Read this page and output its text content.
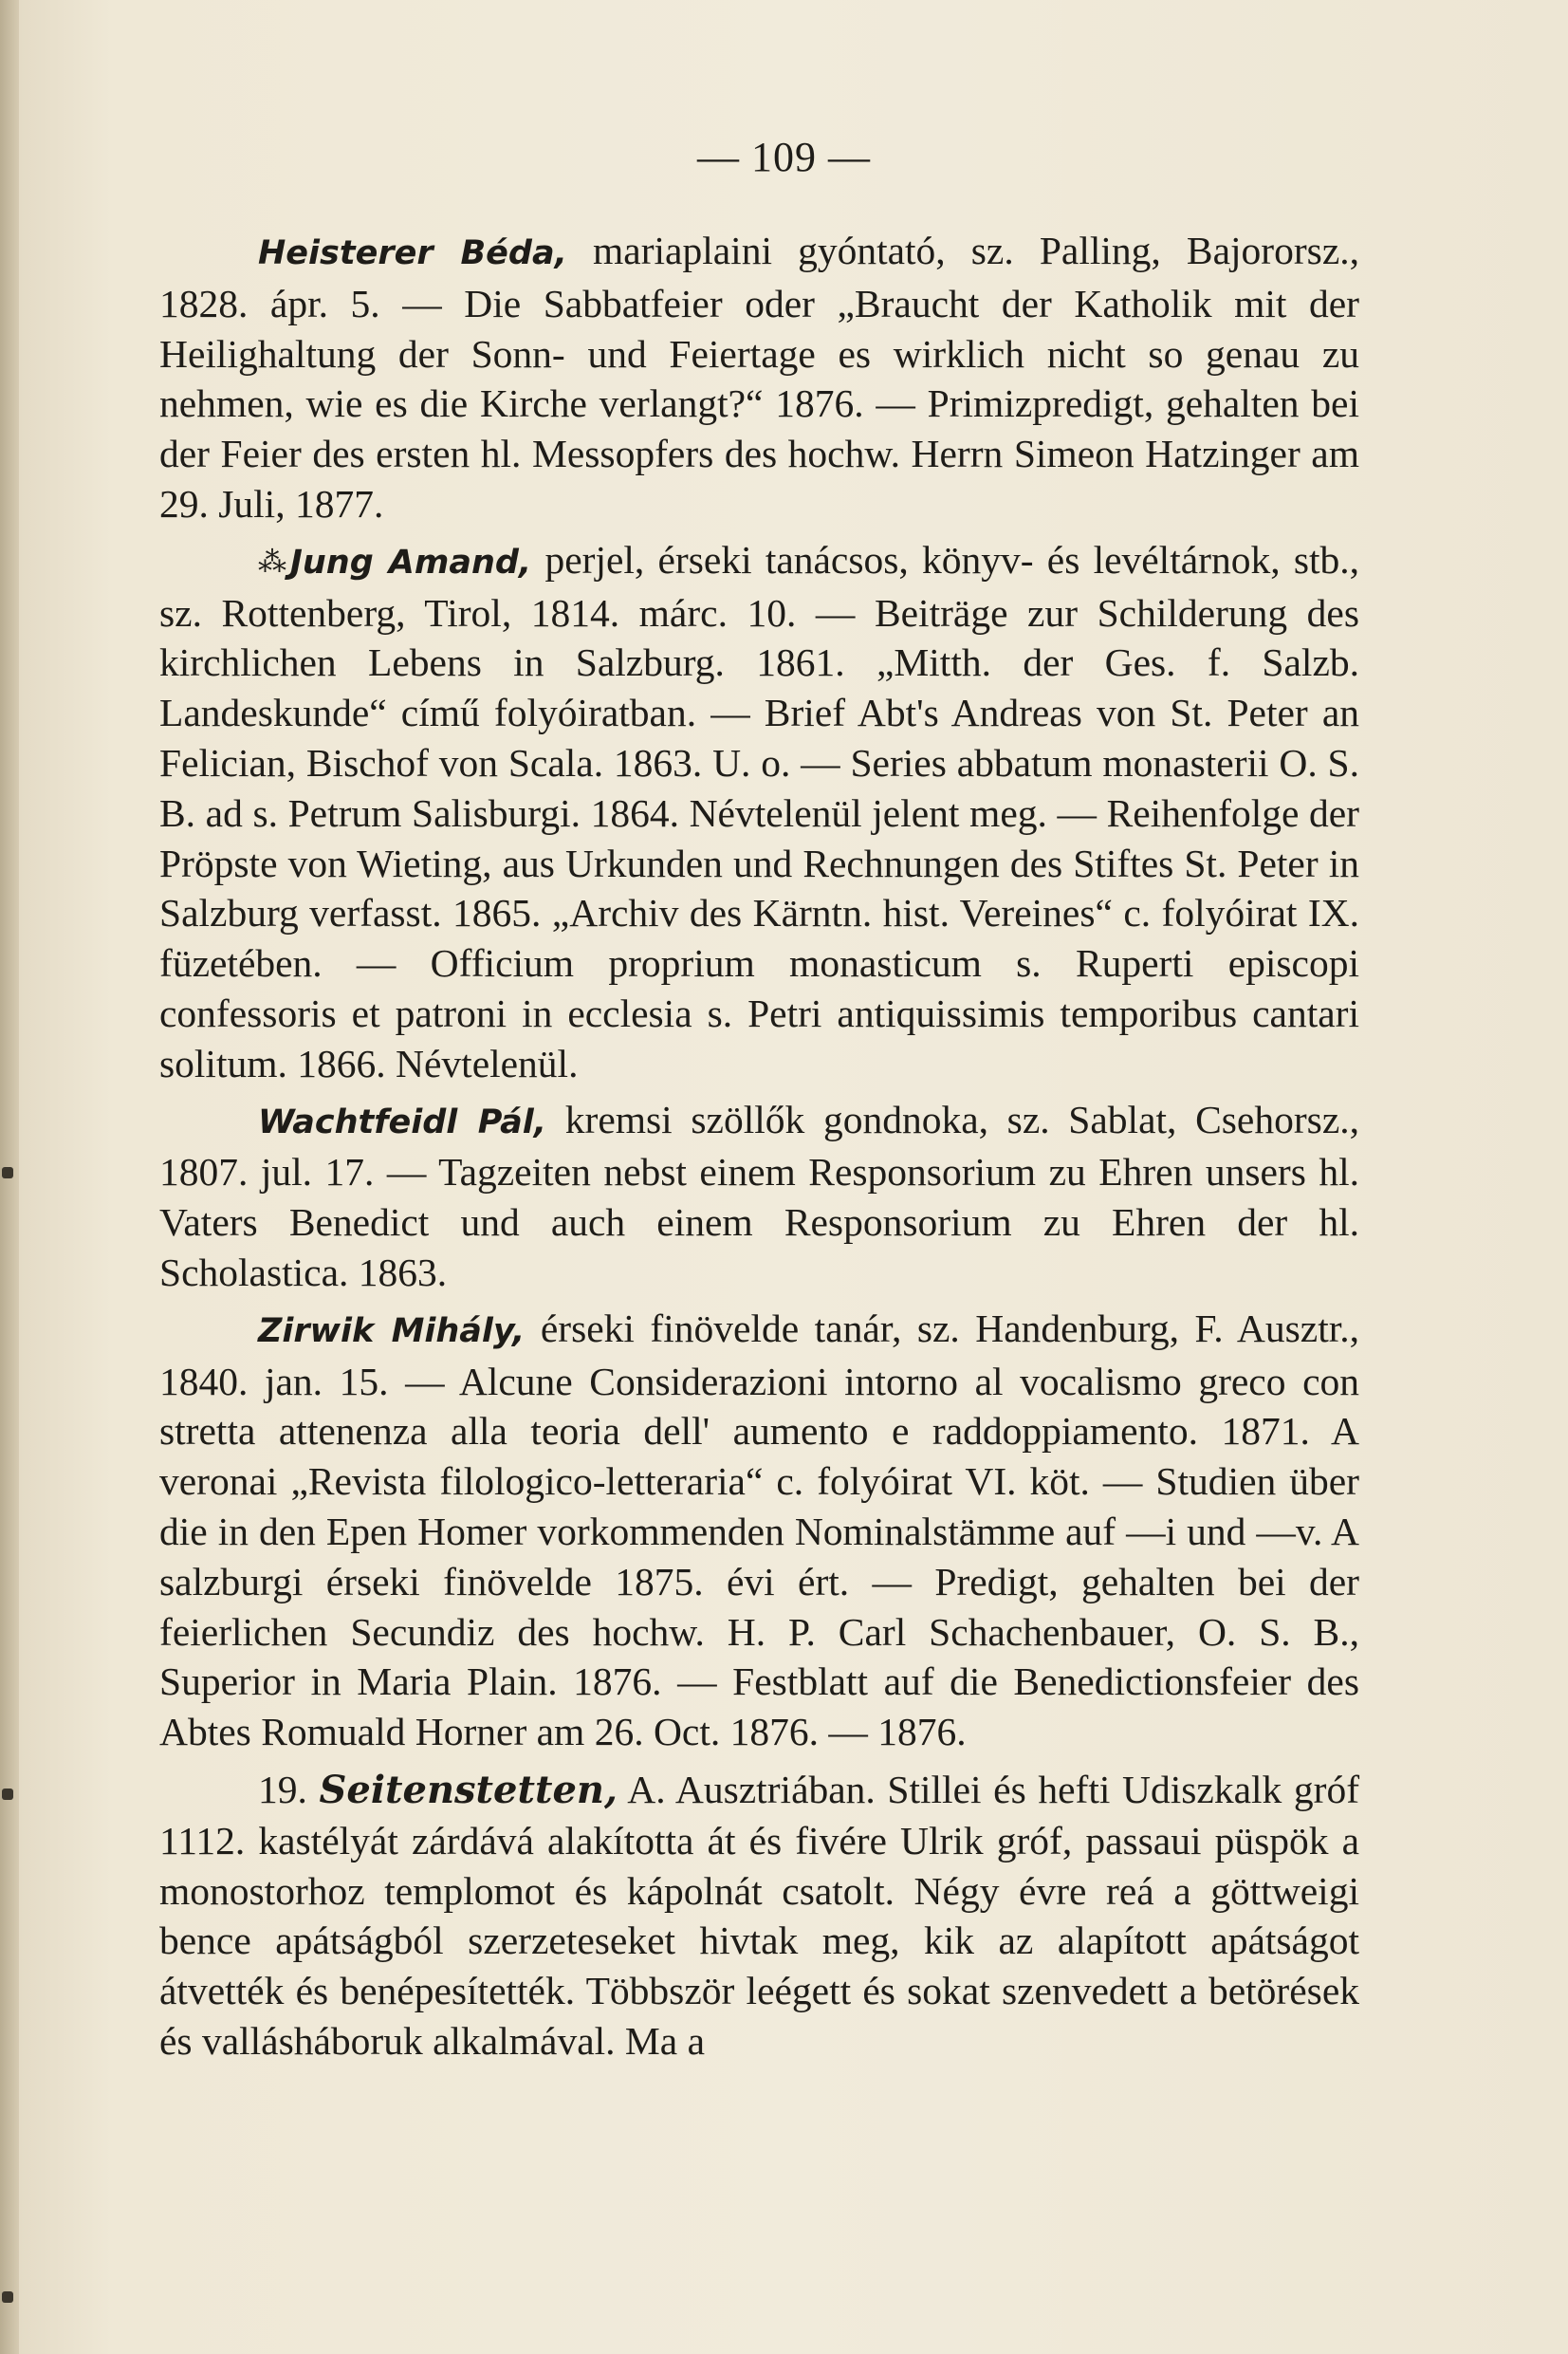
— 109 —

Heisterer Béda, mariaplaini gyóntató, sz. Palling, Bajororsz., 1828. ápr. 5. — Die Sabbatfeier oder „Braucht der Katholik mit der Heilighaltung der Sonn- und Feiertage es wirklich nicht so genau zu nehmen, wie es die Kirche verlangt?“ 1876. — Primizpredigt, gehalten bei der Feier des ersten hl. Messopfers des hochw. Herrn Simeon Hatzinger am 29. Juli, 1877.

⁂Jung Amand, perjel, érseki tanácsos, könyv- és levéltárnok, stb., sz. Rottenberg, Tirol, 1814. márc. 10. — Beiträge zur Schilderung des kirchlichen Lebens in Salzburg. 1861. „Mitth. der Ges. f. Salzb. Landeskunde“ című folyóiratban. — Brief Abt's Andreas von St. Peter an Felician, Bischof von Scala. 1863. U. o. — Series abbatum monasterii O. S. B. ad s. Petrum Salisburgi. 1864. Névtelenül jelent meg. — Reihenfolge der Pröpste von Wieting, aus Urkunden und Rechnungen des Stiftes St. Peter in Salzburg verfasst. 1865. „Archiv des Kärntn. hist. Vereines“ c. folyóirat IX. füzetében. — Officium proprium monasticum s. Ruperti episcopi confessoris et patroni in ecclesia s. Petri antiquissimis temporibus cantari solitum. 1866. Névtelenül.

Wachtfeidl Pál, kremsi szöllők gondnoka, sz. Sablat, Csehorsz., 1807. jul. 17. — Tagzeiten nebst einem Responsorium zu Ehren unsers hl. Vaters Benedict und auch einem Responsorium zu Ehren der hl. Scholastica. 1863.

Zirwik Mihály, érseki finövelde tanár, sz. Handenburg, F. Ausztr., 1840. jan. 15. — Alcune Considerazioni intorno al vocalismo greco con stretta attenenza alla teoria dell' aumento e raddoppiamento. 1871. A veronai „Revista filologico-letteraria“ c. folyóirat VI. köt. — Studien über die in den Epen Homer vorkommenden Nominalstämme auf —i und —v. A salzburgi érseki finövelde 1875. évi ért. — Predigt, gehalten bei der feierlichen Secundiz des hochw. H. P. Carl Schachenbauer, O. S. B., Superior in Maria Plain. 1876. — Festblatt auf die Benedictionsfeier des Abtes Romuald Horner am 26. Oct. 1876. — 1876.

19. Seitenstetten, A. Ausztriában. Stillei és hefti Udiszkalk gróf 1112. kastélyát zárdává alakította át és fivére Ulrik gróf, passaui püspök a monostorhoz templomot és kápolnát csatolt. Négy évre reá a göttweigi bence apátságból szerzeteseket hivtak meg, kik az alapított apátságot átvették és benépesítették. Többször leégett és sokat szenvedett a betörések és vallásháboruk alkalmával. Ma a
